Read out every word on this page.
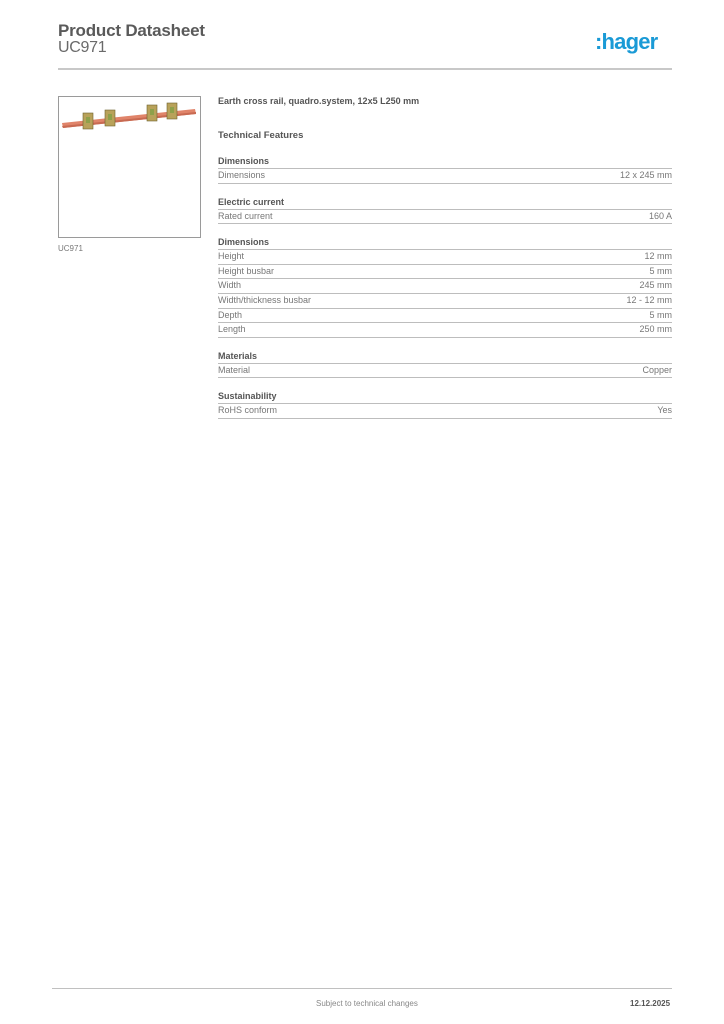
Product Datasheet
UC971	:hager
UC971
Earth cross rail, quadro.system, 12x5 L250 mm
Technical Features
Dimensions
Dimensions	12 x 245 mm
Electric current
Rated current	160 A
Dimensions
Height	12 mm
Height busbar	5 mm
Width	245 mm
Width/thickness busbar	12 - 12 mm
Depth	5 mm
Length	250 mm
Materials
Material	Copper
Sustainability
RoHS conform	Yes
Subject to technical changes	12.12.2025
